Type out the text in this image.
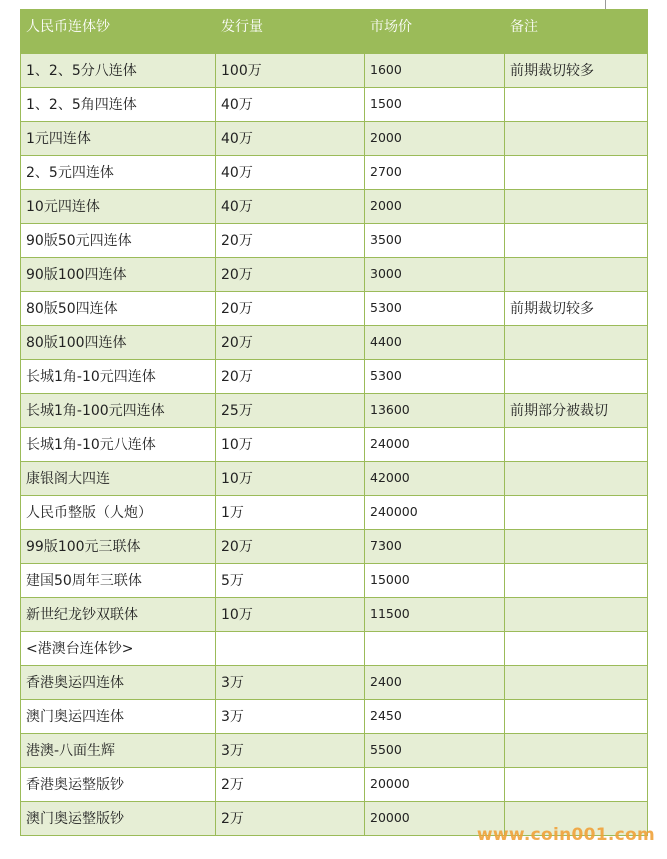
人民币连体钞	发行量	市场价	备注
1、2、5分八连体	100万	1600	前期裁切较多
1、2、5角四连体	40万	1500	
1元四连体	40万	2000	
2、5元四连体	40万	2700	
10元四连体	40万	2000	
90版50元四连体	20万	3500	
90版100四连体	20万	3000	
80版50四连体	20万	5300	前期裁切较多
80版100四连体	20万	4400	
长城1角-10元四连体	20万	5300	
长城1角-100元四连体	25万	13600	前期部分被裁切
长城1角-10元八连体	10万	24000	
康银阁大四连	10万	42000	
人民币整版（人炮）	1万	240000	
99版100元三联体	20万	7300	
建国50周年三联体	5万	15000	
新世纪龙钞双联体	10万	11500	
<港澳台连体钞>			
香港奥运四连体	3万	2400	
澳门奥运四连体	3万	2450	
港澳-八面生辉	3万	5500	
香港奥运整版钞	2万	20000	
澳门奥运整版钞	2万	20000	
www.coin001.com
